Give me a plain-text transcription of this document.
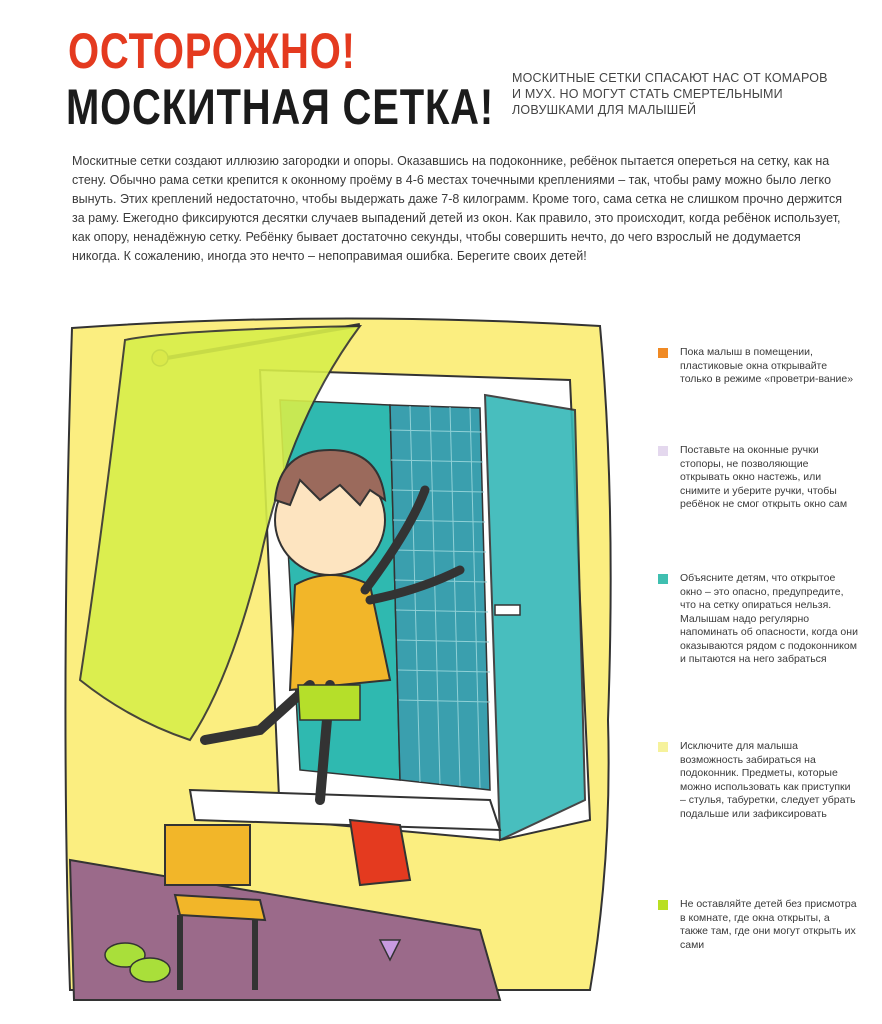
ОСТОРОЖНО!
МОСКИТНАЯ СЕТКА!
МОСКИТНЫЕ СЕТКИ СПАСАЮТ НАС ОТ КОМАРОВ И МУХ. НО МОГУТ СТАТЬ СМЕРТЕЛЬНЫМИ ЛОВУШКАМИ ДЛЯ МАЛЫШЕЙ
Москитные сетки создают иллюзию загородки и опоры. Оказавшись на подоконнике, ребёнок пытается опереться на сетку, как на стену. Обычно рама сетки крепится к оконному проёму в 4-6 местах точечными креплениями – так, чтобы раму можно было легко вынуть. Этих креплений недостаточно, чтобы выдержать даже 7-8 килограмм. Кроме того, сама сетка не слишком прочно держится за раму. Ежегодно фиксируются десятки случаев выпадений детей из окон. Как правило, это происходит, когда ребёнок использует, как опору, ненадёжную сетку. Ребёнку бывает достаточно секунды, чтобы совершить нечто, до чего взрослый не додумается никогда. К сожалению, иногда это нечто – непоправимая ошибка. Берегите своих детей!
Пока малыш в помещении, пластиковые окна открывайте только в режиме «проветри-вание»
Поставьте на оконные ручки стопоры, не позволяющие открывать окно настежь, или снимите и уберите ручки, чтобы ребёнок не смог открыть окно сам
Объясните детям, что открытое окно – это опасно, предупредите, что на сетку опираться нельзя. Малышам надо регулярно напоминать об опасности, когда они оказываются рядом с подоконником и пытаются на него забраться
Исключите для малыша возможность забираться на подоконник. Предметы, которые можно использовать как приступки – стулья, табуретки, следует убрать подальше или зафиксировать
Не оставляйте детей без присмотра в комнате, где окна открыты, а также там, где они могут открыть их сами
